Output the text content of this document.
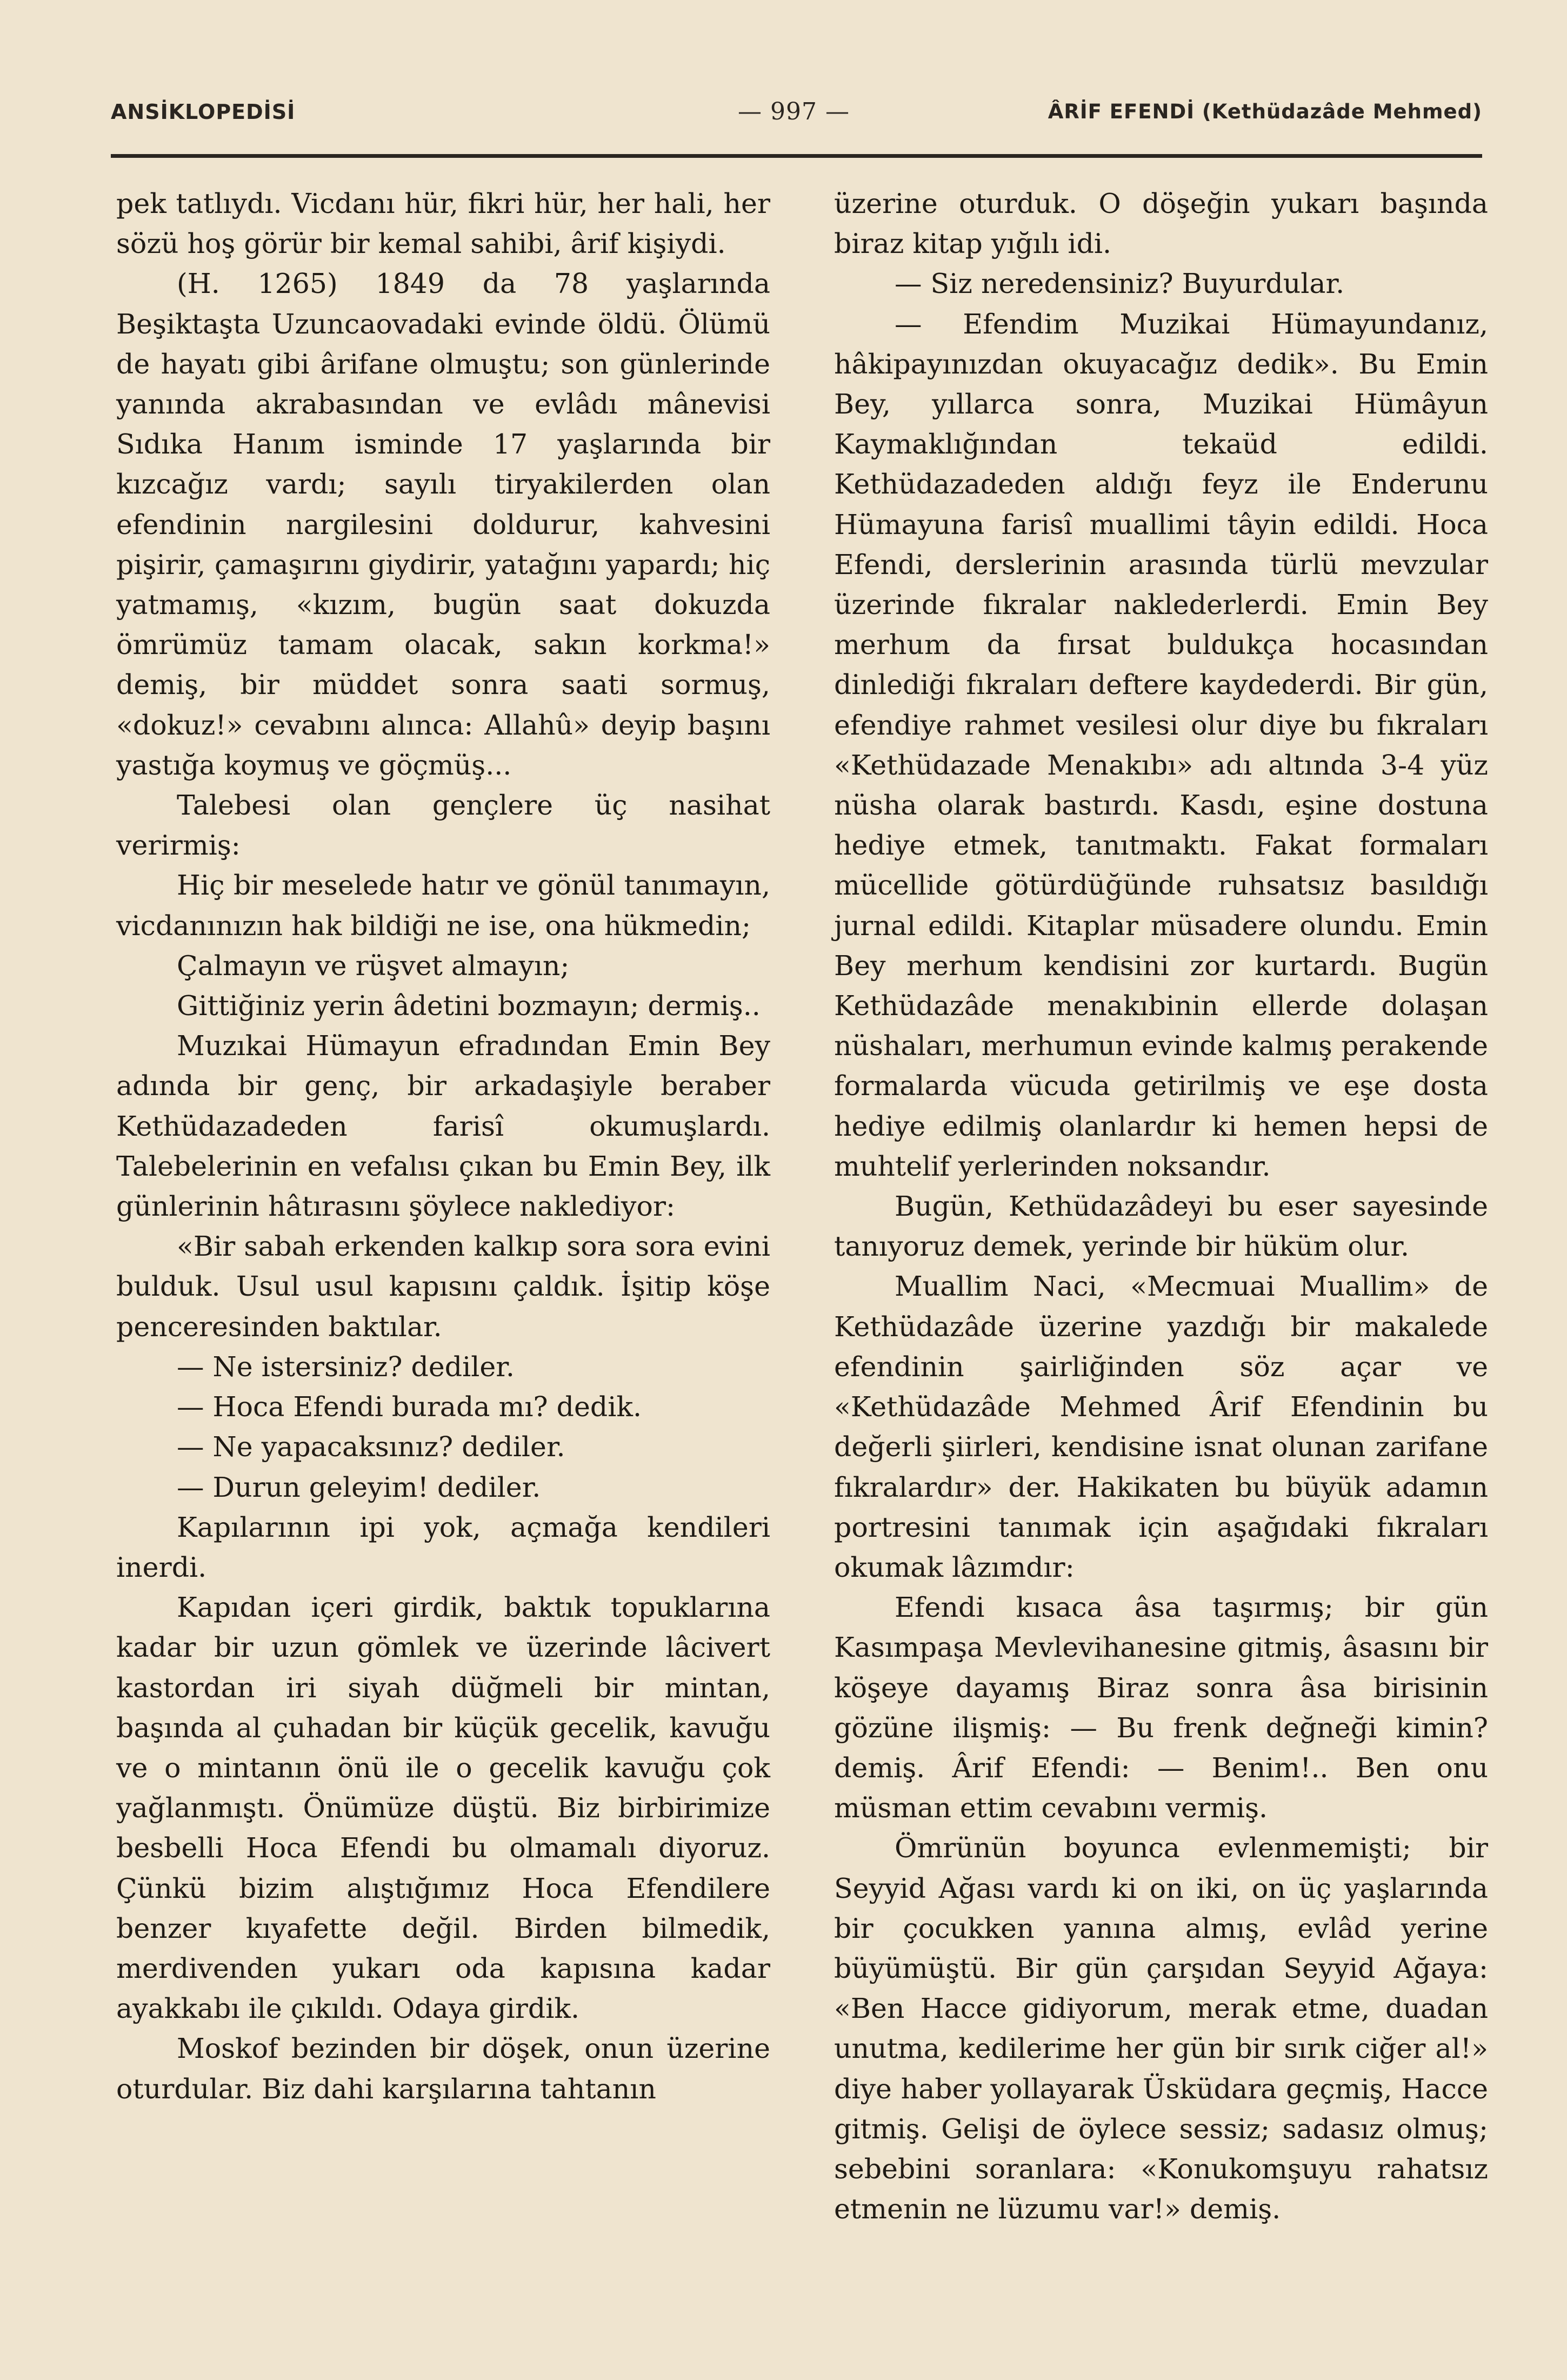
ANSİKLOPEDİSİ	— 997 —	ÂRİF EFENDİ (Kethüdazâde Mehmed)

pek tatlıydı. Vicdanı hür, fikri hür, her hali, her sözü hoş görür bir kemal sahibi, ârif kişiydi.

(H. 1265) 1849 da 78 yaşlarında Beşiktaşta Uzuncaovadaki evinde öldü. Ölümü de hayatı gibi ârifane olmuştu; son günlerinde yanında akrabasından ve evlâdı mânevisi Sıdıka Hanım isminde 17 yaşlarında bir kızcağız vardı; sayılı tiryakilerden olan efendinin nargilesini doldurur, kahvesini pişirir, çamaşırını giydirir, yatağını yapardı; hiç yatmamış, «kızım, bugün saat dokuzda ömrümüz tamam olacak, sakın korkma!» demiş, bir müddet sonra saati sormuş, «dokuz!» cevabını alınca: Allahû» deyip başını yastığa koymuş ve göçmüş...

Talebesi olan gençlere üç nasihat verirmiş:

Hiç bir meselede hatır ve gönül tanımayın, vicdanınızın hak bildiği ne ise, ona hükmedin;

Çalmayın ve rüşvet almayın;

Gittiğiniz yerin âdetini bozmayın; dermiş..

Muzıkai Hümayun efradından Emin Bey adında bir genç, bir arkadaşiyle beraber Kethüdazadeden farisî okumuşlardı. Talebelerinin en vefalısı çıkan bu Emin Bey, ilk günlerinin hâtırasını şöylece naklediyor:

«Bir sabah erkenden kalkıp sora sora evini bulduk. Usul usul kapısını çaldık. İşitip köşe penceresinden baktılar.

— Ne istersiniz? dediler.

— Hoca Efendi burada mı? dedik.

— Ne yapacaksınız? dediler.

— Durun geleyim! dediler.

Kapılarının ipi yok, açmağa kendileri inerdi.

Kapıdan içeri girdik, baktık topuklarına kadar bir uzun gömlek ve üzerinde lâcivert kastordan iri siyah düğmeli bir mintan, başında al çuhadan bir küçük gecelik, kavuğu ve o mintanın önü ile o gecelik kavuğu çok yağlanmıştı. Önümüze düştü. Biz birbirimize besbelli Hoca Efendi bu olmamalı diyoruz. Çünkü bizim alıştığımız Hoca Efendilere benzer kıyafette değil. Birden bilmedik, merdivenden yukarı oda kapısına kadar ayakkabı ile çıkıldı. Odaya girdik.

Moskof bezinden bir döşek, onun üzerine oturdular. Biz dahi karşılarına tahtanın

üzerine oturduk. O döşeğin yukarı başında biraz kitap yığılı idi.

— Siz neredensiniz? Buyurdular.

— Efendim Muzikai Hümayundanız, hâkipayınızdan okuyacağız dedik». Bu Emin Bey, yıllarca sonra, Muzikai Hümâyun Kaymaklığından tekaüd edildi. Kethüdazadeden aldığı feyz ile Enderunu Hümayuna farisî muallimi tâyin edildi. Hoca Efendi, derslerinin arasında türlü mevzular üzerinde fıkralar naklederlerdi. Emin Bey merhum da fırsat buldukça hocasından dinlediği fıkraları deftere kaydederdi. Bir gün, efendiye rahmet vesilesi olur diye bu fıkraları «Kethüdazade Menakıbı» adı altında 3-4 yüz nüsha olarak bastırdı. Kasdı, eşine dostuna hediye etmek, tanıtmaktı. Fakat formaları mücellide götürdüğünde ruhsatsız basıldığı jurnal edildi. Kitaplar müsadere olundu. Emin Bey merhum kendisini zor kurtardı. Bugün Kethüdazâde menakıbinin ellerde dolaşan nüshaları, merhumun evinde kalmış perakende formalarda vücuda getirilmiş ve eşe dosta hediye edilmiş olanlardır ki hemen hepsi de muhtelif yerlerinden noksandır.

Bugün, Kethüdazâdeyi bu eser sayesinde tanıyoruz demek, yerinde bir hüküm olur.

Muallim Naci, «Mecmuai Muallim» de Kethüdazâde üzerine yazdığı bir makalede efendinin şairliğinden söz açar ve «Kethüdazâde Mehmed Ârif Efendinin bu değerli şiirleri, kendisine isnat olunan zarifane fıkralardır» der. Hakikaten bu büyük adamın portresini tanımak için aşağıdaki fıkraları okumak lâzımdır:

Efendi kısaca âsa taşırmış; bir gün Kasımpaşa Mevlevihanesine gitmiş, âsasını bir köşeye dayamış Biraz sonra âsa birisinin gözüne ilişmiş: — Bu frenk değneği kimin? demiş. Ârif Efendi: — Benim!.. Ben onu müsman ettim cevabını vermiş.

Ömrünün boyunca evlenmemişti; bir Seyyid Ağası vardı ki on iki, on üç yaşlarında bir çocukken yanına almış, evlâd yerine büyümüştü. Bir gün çarşıdan Seyyid Ağaya: «Ben Hacce gidiyorum, merak etme, duadan unutma, kedilerime her gün bir sırık ciğer al!» diye haber yollayarak Üsküdara geçmiş, Hacce gitmiş. Gelişi de öylece sessiz; sadasız olmuş; sebebini soranlara: «Konukomşuyu rahatsız etmenin ne lüzumu var!» demiş.
